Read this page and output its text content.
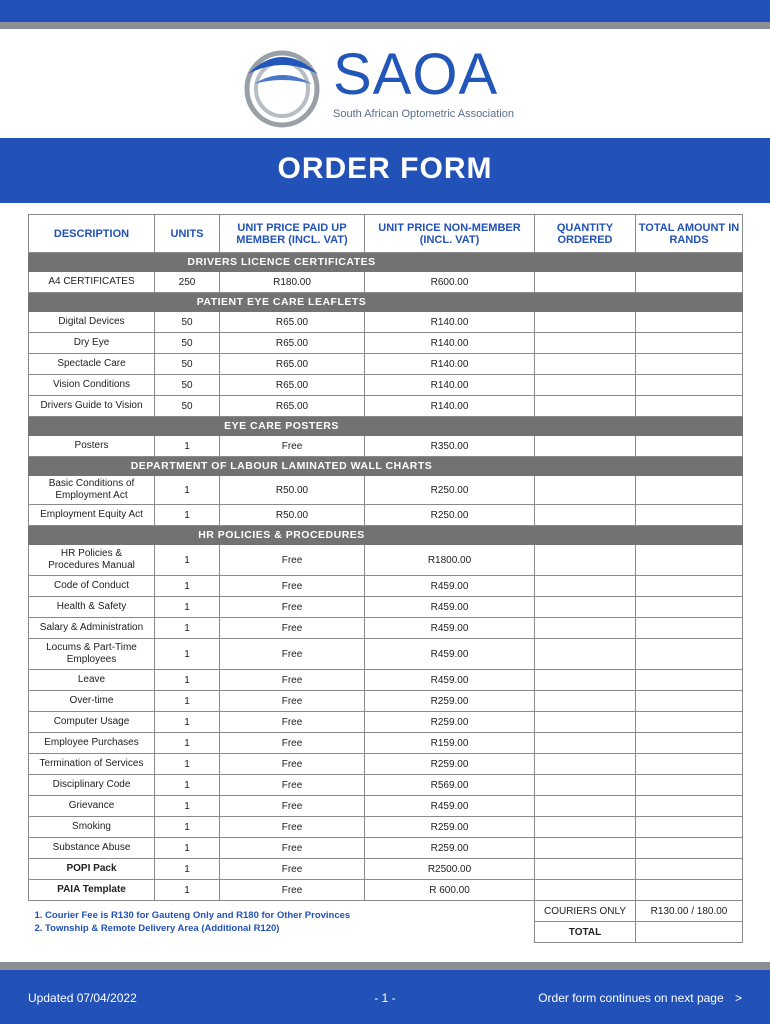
SAOA
South African Optometric Association
ORDER FORM
DESCRIPTION	UNITS	UNIT PRICE PAID UP MEMBER (INCL. VAT)	UNIT PRICE NON-MEMBER (INCL. VAT)	QUANTITY ORDERED	TOTAL AMOUNT IN RANDS
DRIVERS LICENCE CERTIFICATES					
A4 CERTIFICATES	250	R180.00	R600.00		
PATIENT EYE CARE LEAFLETS					
Digital Devices	50	R65.00	R140.00		
Dry Eye	50	R65.00	R140.00		
Spectacle Care	50	R65.00	R140.00		
Vision Conditions	50	R65.00	R140.00		
Drivers Guide to Vision	50	R65.00	R140.00		
EYE CARE POSTERS					
Posters	1	Free	R350.00		
DEPARTMENT OF LABOUR LAMINATED WALL CHARTS					
Basic Conditions of Employment Act	1	R50.00	R250.00		
Employment Equity Act	1	R50.00	R250.00		
HR POLICIES & PROCEDURES					
HR Policies & Procedures Manual	1	Free	R1800.00		
Code of Conduct	1	Free	R459.00		
Health & Safety	1	Free	R459.00		
Salary & Administration	1	Free	R459.00		
Locums & Part-Time Employees	1	Free	R459.00		
Leave	1	Free	R459.00		
Over-time	1	Free	R259.00		
Computer Usage	1	Free	R259.00		
Employee Purchases	1	Free	R159.00		
Termination of Services	1	Free	R259.00		
Disciplinary Code	1	Free	R569.00		
Grievance	1	Free	R459.00		
Smoking	1	Free	R259.00		
Substance Abuse	1	Free	R259.00		
POPI Pack	1	Free	R2500.00		
PAIA Template	1	Free	R 600.00		

1. Courier Fee is R130 for Gauteng Only and R180 for Other Provinces
2. Township & Remote Delivery Area (Additional R120)				COURIERS ONLY	R130.00 / 180.00
				TOTAL	
Updated 07/04/2022	- 1 -	Order form continues on next page >
